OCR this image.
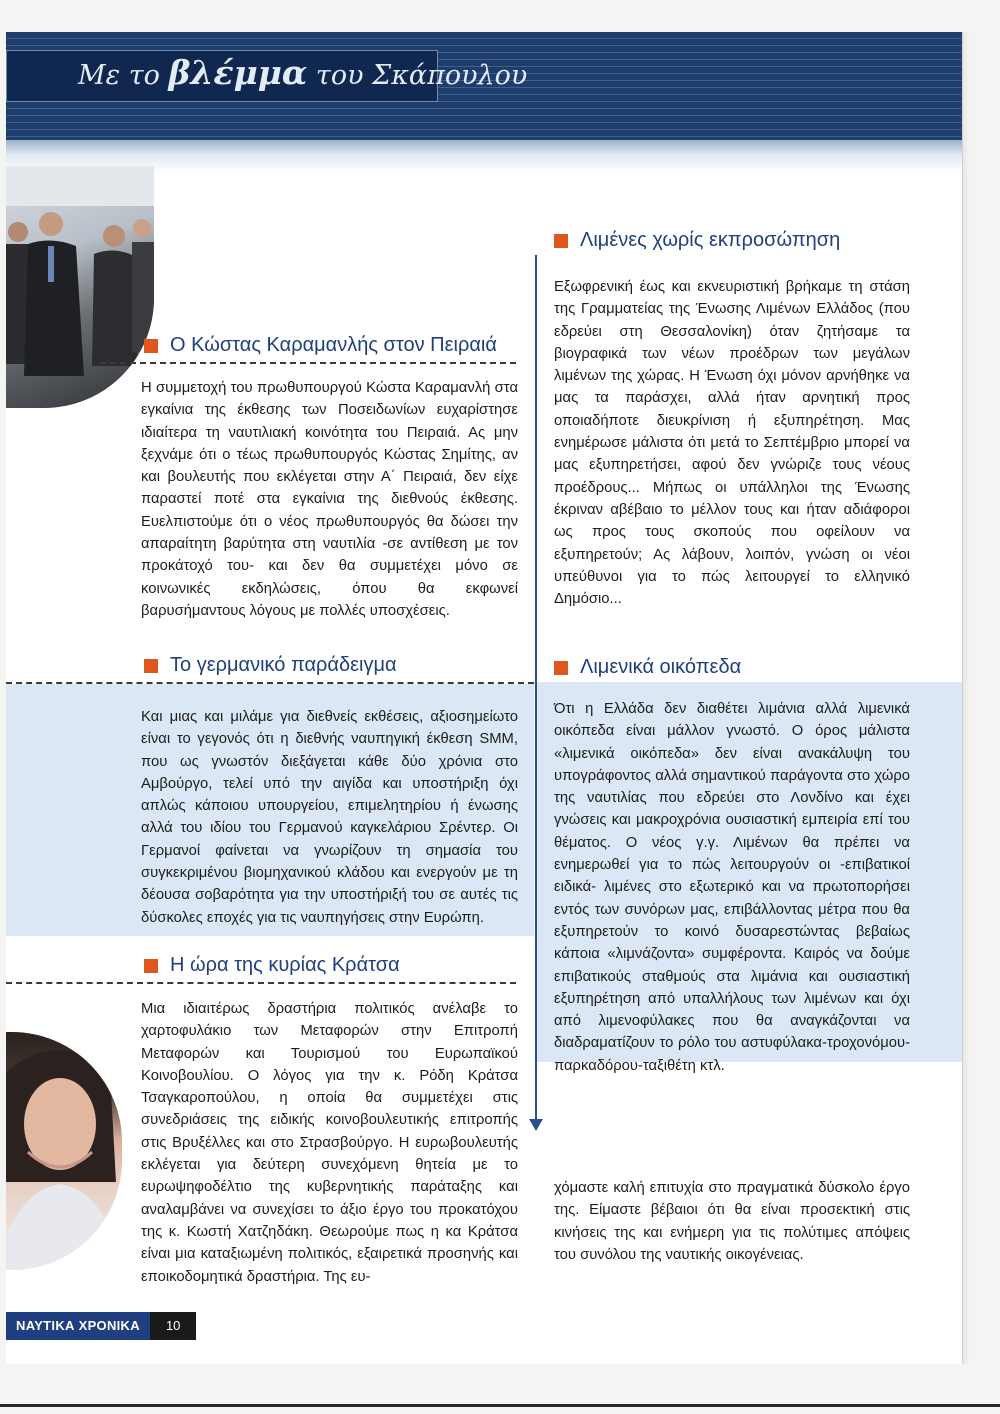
Με το βλέμμα του Σκάπουλου
Ο Κώστας Καραμανλής στον Πειραιά

Η συμμετοχή του πρωθυπουργού Κώστα Καραμανλή στα εγκαίνια της έκθεσης των Ποσειδωνίων ευχαρίστησε ιδιαίτερα τη ναυτιλιακή κοινότητα του Πειραιά. Ας μην ξεχνάμε ότι ο τέως πρωθυπουργός Κώστας Σημίτης, αν και βουλευτής που εκλέγεται στην Α΄ Πειραιά, δεν είχε παραστεί ποτέ στα εγκαίνια της διεθνούς έκθεσης. Ευελπιστούμε ότι ο νέος πρωθυπουργός θα δώσει την απαραίτητη βαρύτητα στη ναυτιλία -σε αντίθεση με τον προκάτοχό του- και δεν θα συμμετέχει μόνο σε κοινωνικές εκδηλώσεις, όπου θα εκφωνεί βαρυσήμαντους λόγους με πολλές υποσχέσεις.

Το γερμανικό παράδειγμα

Και μιας και μιλάμε για διεθνείς εκθέσεις, αξιοσημείωτο είναι το γεγονός ότι η διεθνής ναυπηγική έκθεση SMM, που ως γνωστόν διεξάγεται κάθε δύο χρόνια στο Αμβούργο, τελεί υπό την αιγίδα και υποστήριξη όχι απλώς κάποιου υπουργείου, επιμελητηρίου ή ένωσης αλλά του ιδίου του Γερμανού καγκελάριου Σρέντερ. Οι Γερμανοί φαίνεται να γνωρίζουν τη σημασία του συγκεκριμένου βιομηχανικού κλάδου και ενεργούν με τη δέουσα σοβαρότητα για την υποστήριξή του σε αυτές τις δύσκολες εποχές για τις ναυπηγήσεις στην Ευρώπη.

Η ώρα της κυρίας Κράτσα

Μια ιδιαιτέρως δραστήρια πολιτικός ανέλαβε το χαρτοφυλάκιο των Μεταφορών στην Επιτροπή Μεταφορών και Τουρισμού του Ευρωπαϊκού Κοινοβουλίου. Ο λόγος για την κ. Ρόδη Κράτσα Τσαγκαροπούλου, η οποία θα συμμετέχει στις συνεδριάσεις της ειδικής κοινοβουλευτικής επιτροπής στις Βρυξέλλες και στο Στρασβούργο. Η ευρωβουλευτής εκλέγεται για δεύτερη συνεχόμενη θητεία με το ευρωψηφοδέλτιο της κυβερνητικής παράταξης και αναλαμβάνει να συνεχίσει το άξιο έργο του προκατόχου της κ. Κωστή Χατζηδάκη. Θεωρούμε πως η κα Κράτσα είναι μια καταξιωμένη πολιτικός, εξαιρετικά προσηνής και εποικοδομητικά δραστήρια. Της ευ-

Λιμένες χωρίς εκπροσώπηση

Εξωφρενική έως και εκνευριστική βρήκαμε τη στάση της Γραμματείας της Ένωσης Λιμένων Ελλάδος (που εδρεύει στη Θεσσαλονίκη) όταν ζητήσαμε τα βιογραφικά των νέων προέδρων των μεγάλων λιμένων της χώρας. Η Ένωση όχι μόνον αρνήθηκε να μας τα παράσχει, αλλά ήταν αρνητική προς οποιαδήποτε διευκρίνιση ή εξυπηρέτηση. Μας ενημέρωσε μάλιστα ότι μετά το Σεπτέμβριο μπορεί να μας εξυπηρετήσει, αφού δεν γνώριζε τους νέους προέδρους... Μήπως οι υπάλληλοι της Ένωσης έκριναν αβέβαιο το μέλλον τους και ήταν αδιάφοροι ως προς τους σκοπούς που οφείλουν να εξυπηρετούν; Ας λάβουν, λοιπόν, γνώση οι νέοι υπεύθυνοι για το πώς λειτουργεί το ελληνικό Δημόσιο...

Λιμενικά οικόπεδα

Ότι η Ελλάδα δεν διαθέτει λιμάνια αλλά λιμενικά οικόπεδα είναι μάλλον γνωστό. Ο όρος μάλιστα «λιμενικά οικόπεδα» δεν είναι ανακάλυψη του υπογράφοντος αλλά σημαντικού παράγοντα στο χώρο της ναυτιλίας που εδρεύει στο Λονδίνο και έχει γνώσεις και μακροχρόνια ουσιαστική εμπειρία επί του θέματος. Ο νέος γ.γ. Λιμένων θα πρέπει να ενημερωθεί για το πώς λειτουργούν οι -επιβατικοί ειδικά- λιμένες στο εξωτερικό και να πρωτοπορήσει εντός των συνόρων μας, επιβάλλοντας μέτρα που θα εξυπηρετούν το κοινό δυσαρεστώντας βεβαίως κάποια «λιμνάζοντα» συμφέροντα. Καιρός να δούμε επιβατικούς σταθμούς στα λιμάνια και ουσιαστική εξυπηρέτηση από υπαλλήλους των λιμένων και όχι από λιμενοφύλακες που θα αναγκάζονται να διαδραματίζουν το ρόλο του αστυφύλακα-τροχονόμου-παρκαδόρου-ταξιθέτη κτλ.

χόμαστε καλή επιτυχία στο πραγματικά δύσκολο έργο της. Είμαστε βέβαιοι ότι θα είναι προσεκτική στις κινήσεις της και ενήμερη για τις πολύτιμες απόψεις του συνόλου της ναυτικής οικογένειας.

ΝΑΥΤΙΚΑ ΧΡΟΝΙΚΑ	10
